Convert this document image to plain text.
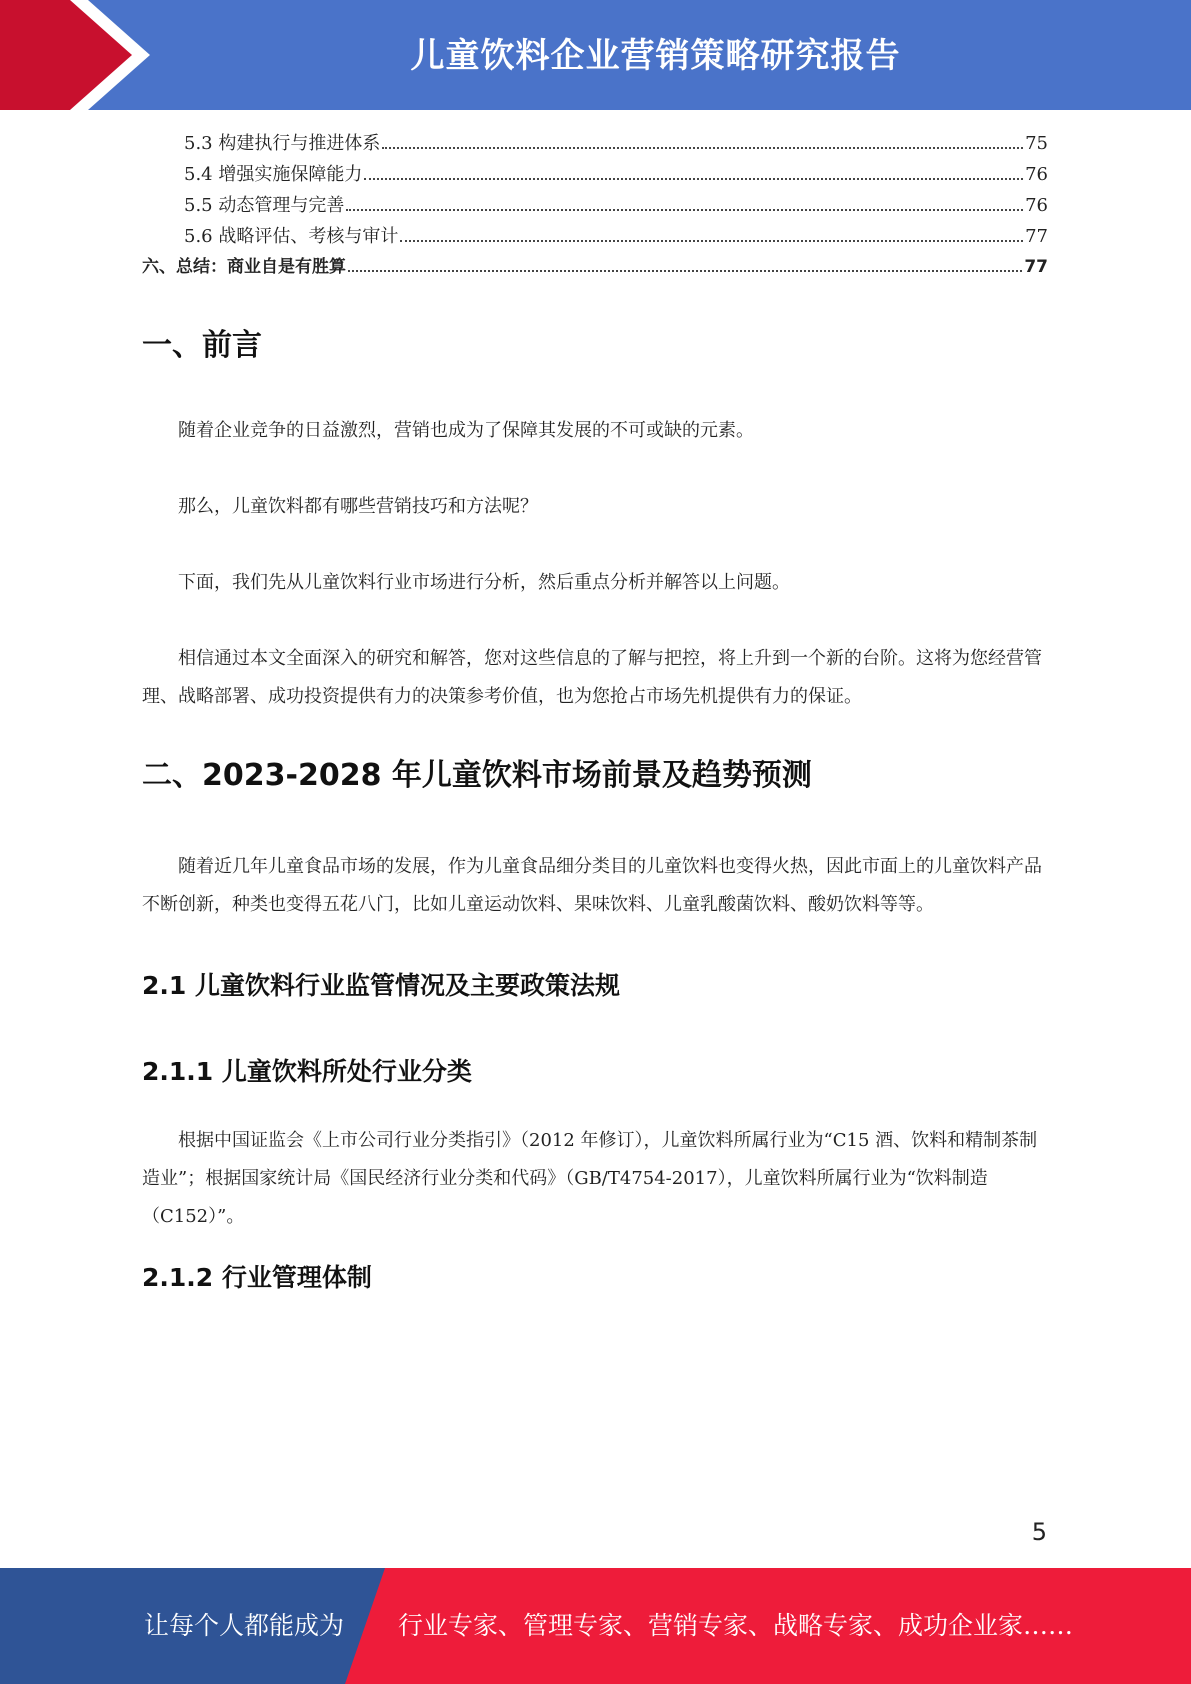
儿童饮料企业营销策略研究报告
5.3 构建执行与推进体系	75
5.4 增强实施保障能力	76
5.5 动态管理与完善	76
5.6 战略评估、考核与审计	77
六、总结：商业自是有胜算	77
一、前言

随着企业竞争的日益激烈，营销也成为了保障其发展的不可或缺的元素。

那么，儿童饮料都有哪些营销技巧和方法呢？

下面，我们先从儿童饮料行业市场进行分析，然后重点分析并解答以上问题。

相信通过本文全面深入的研究和解答，您对这些信息的了解与把控，将上升到一个新的台阶。这将为您经营管理、战略部署、成功投资提供有力的决策参考价值，也为您抢占市场先机提供有力的保证。

二、2023-2028 年儿童饮料市场前景及趋势预测

随着近几年儿童食品市场的发展，作为儿童食品细分类目的儿童饮料也变得火热，因此市面上的儿童饮料产品不断创新，种类也变得五花八门，比如儿童运动饮料、果味饮料、儿童乳酸菌饮料、酸奶饮料等等。

2.1 儿童饮料行业监管情况及主要政策法规
2.1.1 儿童饮料所处行业分类

根据中国证监会《上市公司行业分类指引》（2012 年修订），儿童饮料所属行业为“C15 酒、饮料和精制茶制造业”；根据国家统计局《国民经济行业分类和代码》（GB/T4754-2017），儿童饮料所属行业为“饮料制造（C152）”。

2.1.2 行业管理体制
5
让每个人都能成为 行业专家、管理专家、营销专家、战略专家、成功企业家……
